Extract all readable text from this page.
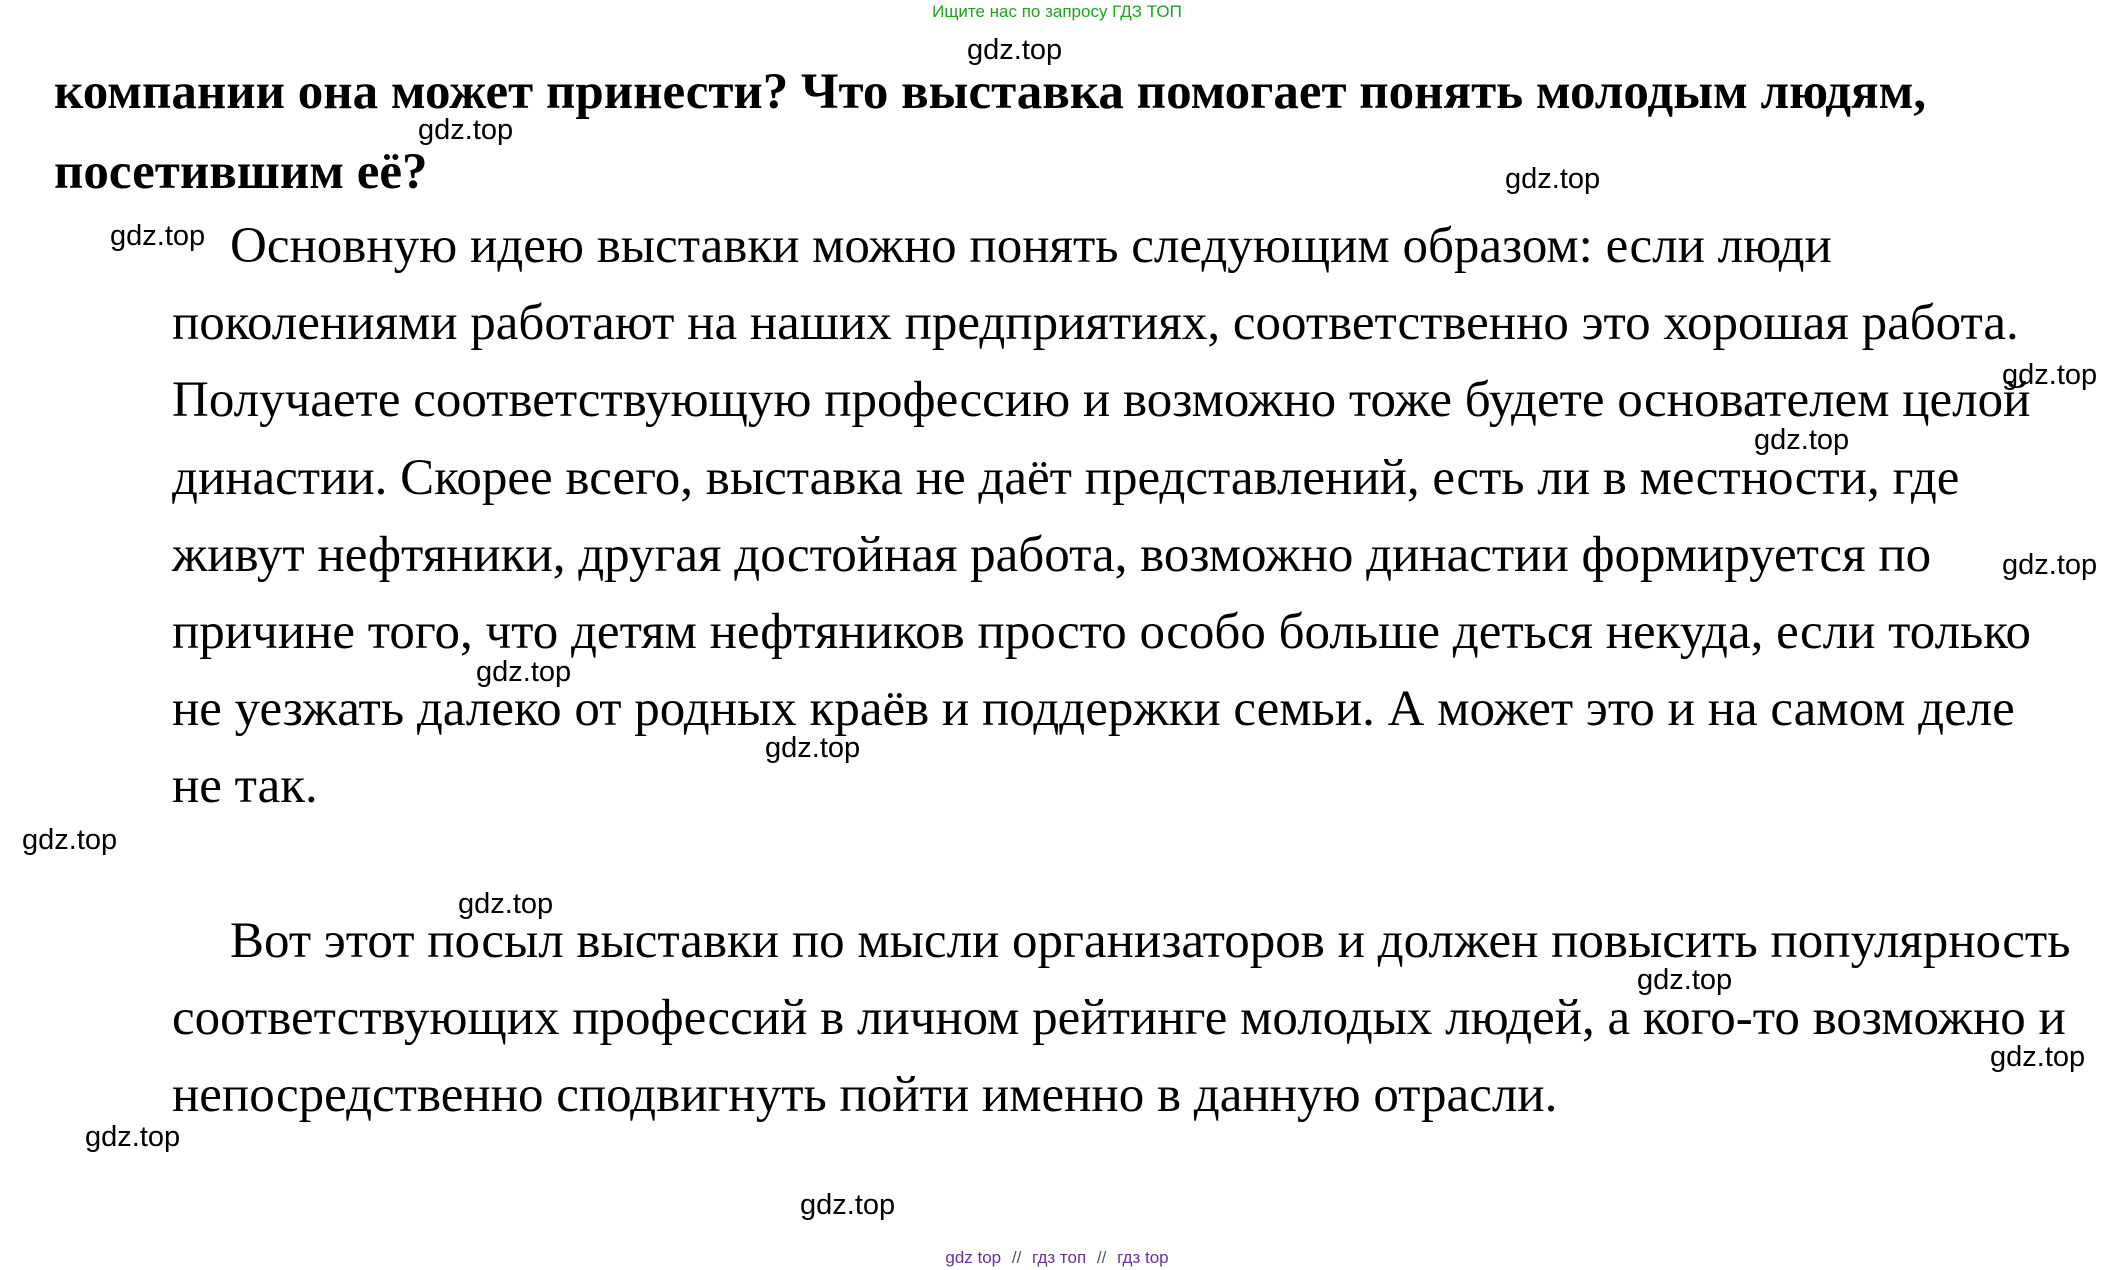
Ищите нас по запросу ГДЗ ТОП
компании она может принести? Что выставка помогает понять молодым людям, посетившим её?

Основную идею выставки можно понять следующим образом: если люди поколениями работают на наших предприятиях, соответственно это хорошая работа. Получаете соответствующую профессию и возможно тоже будете основателем целой династии. Скорее всего, выставка не даёт представлений, есть ли в местности, где живут нефтяники, другая достойная работа, возможно династии формируется по причине того, что детям нефтяников просто особо больше деться некуда, если только не уезжать далеко от родных краёв и поддержки семьи. А может это и на самом деле не так.

Вот этот посыл выставки по мысли организаторов и должен повысить популярность соответствующих профессий в личном рейтинге молодых людей, а кого-то возможно и непосредственно сподвигнуть пойти именно в данную отрасли.

gdz.top
gdz.top
gdz.top
gdz.top
gdz.top
gdz.top
gdz.top
gdz.top
gdz.top
gdz.top
gdz.top
gdz.top
gdz.top
gdz.top
gdz.top
gdz top // гдз топ // гдз top
